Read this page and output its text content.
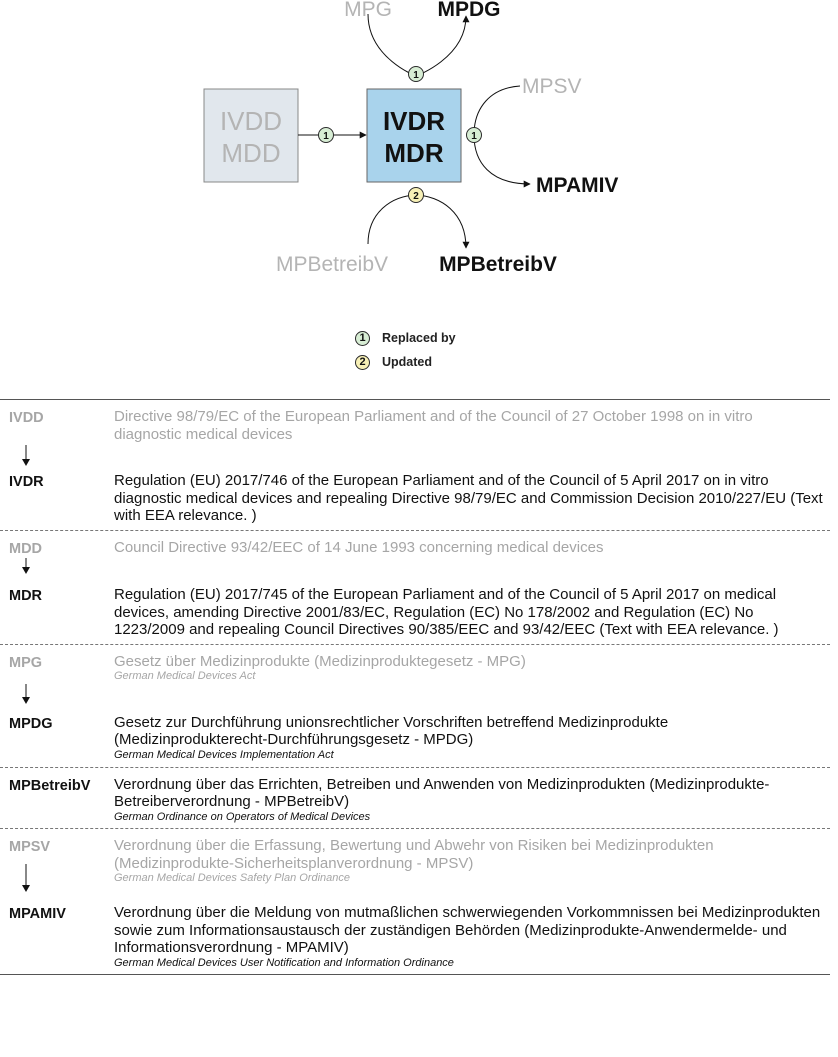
IVDD
MDD
IVDR
MDR
1
1
MPG MPDG
1
MPSV
MPAMIV
2
MPBetreibV MPBetreibV
1	Replaced by
2	Updated
IVDD	Directive 98/79/EC of the European Parliament and of the Council of 27 October 1998 on in vitro diagnostic medical devices
IVDR	Regulation (EU) 2017/746 of the European Parliament and of the Council of 5 April 2017 on in vitro diagnostic medical devices and repealing Directive 98/79/EC and Commission Decision 2010/227/EU (Text with EEA relevance. )
MDD	Council Directive 93/42/EEC of 14 June 1993 concerning medical devices
MDR	Regulation (EU) 2017/745 of the European Parliament and of the Council of 5 April 2017 on medical devices, amending Directive 2001/83/EC, Regulation (EC) No 178/2002 and Regulation (EC) No 1223/2009 and repealing Council Directives 90/385/EEC and 93/42/EEC (Text with EEA relevance. )
MPG	Gesetz über Medizinprodukte (Medizinproduktegesetz - MPG)
German Medical Devices Act
MPDG	Gesetz zur Durchführung unionsrechtlicher Vorschriften betreffend Medizinprodukte (Medizinprodukterecht-Durchführungsgesetz - MPDG)
German Medical Devices Implementation Act
MPBetreibV	Verordnung über das Errichten, Betreiben und Anwenden von Medizinprodukten (Medizinprodukte-Betreiberverordnung - MPBetreibV)
German Ordinance on Operators of Medical Devices
MPSV	Verordnung über die Erfassung, Bewertung und Abwehr von Risiken bei Medizinprodukten (Medizinprodukte-Sicherheitsplanverordnung - MPSV)
German Medical Devices Safety Plan Ordinance
MPAMIV	Verordnung über die Meldung von mutmaßlichen schwerwiegenden Vorkommnissen bei Medizinprodukten sowie zum Informationsaustausch der zuständigen Behörden (Medizinprodukte-Anwendermelde- und Informationsverordnung - MPAMIV)
German Medical Devices User Notification and Information Ordinance
